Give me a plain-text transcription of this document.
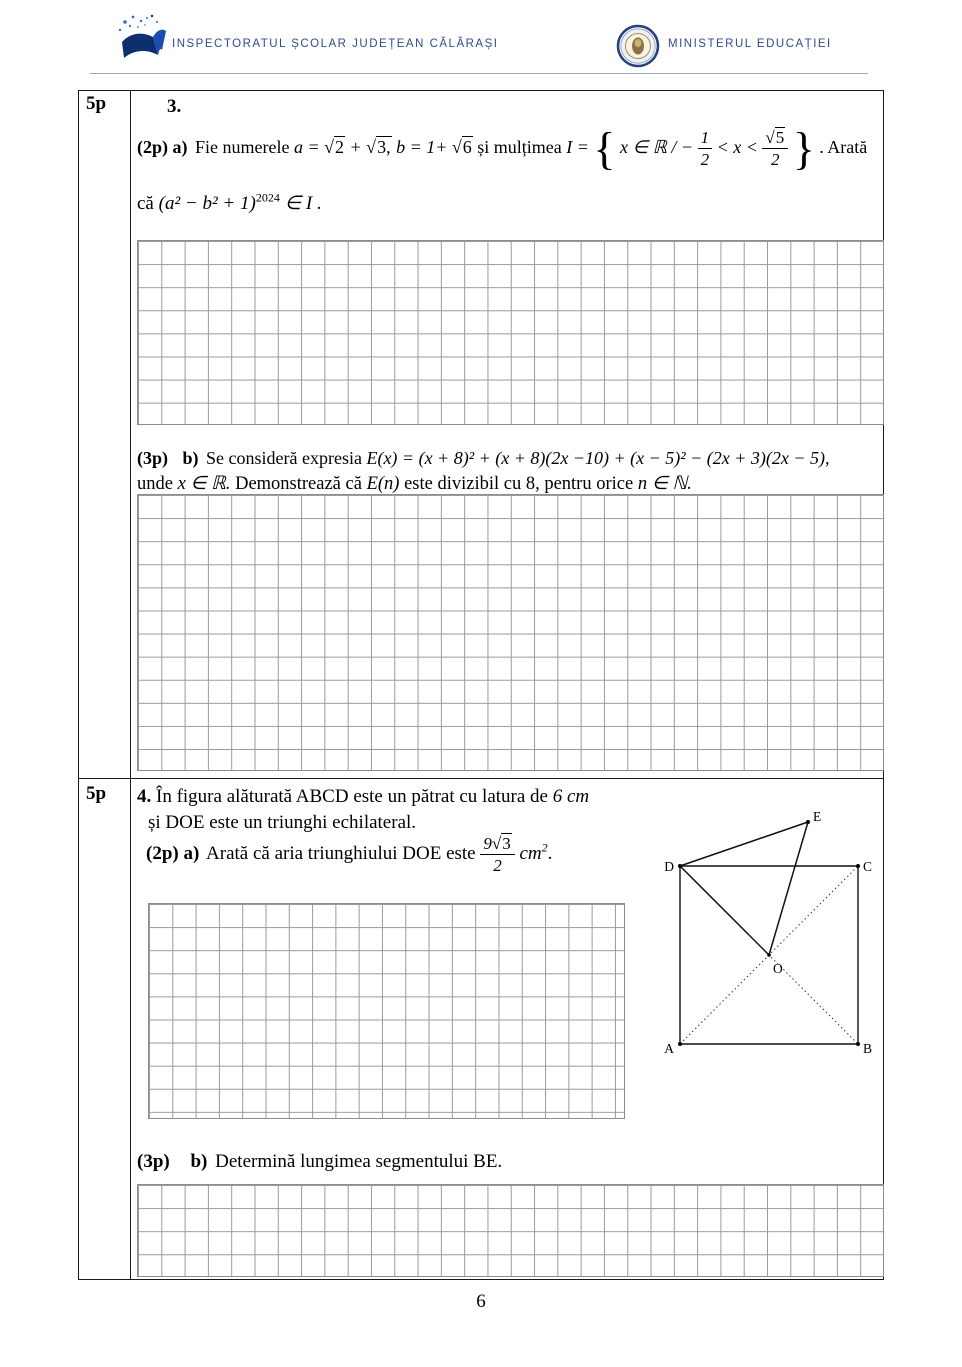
INSPECTORATUL ȘCOLAR JUDEȚEAN CĂLĂRAȘI	MINISTERUL EDUCAȚIEI
5p	3.
(2p) a) Fie numerele a = √2 + √3, b = 1+ √6 și mulțimea I = { x ∈ ℝ / − $\frac{1}{2} < x < \frac{√5}{2}$ } . Arată
că $(a^2 - b^2 + 1)^{2024}$ ∈ I .
(3p) b) Se consideră expresia E(x) = (x + 8)² + (x + 8)(2x −10) + (x − 5)² − (2x + 3)(2x − 5),
unde x ∈ ℝ. Demonstrează că E(n) este divizibil cu 8, pentru orice n ∈ ℕ.
5p 4. În figura alăturată ABCD este un pătrat cu latura de 6 cm
și DOE este un triunghi echilateral.
(2p) a) Arată că aria triunghiului DOE este $\frac{9√3}{2} cm^2$.
D	C
A	B
E
O
(3p) b) Determină lungimea segmentului BE.
6
